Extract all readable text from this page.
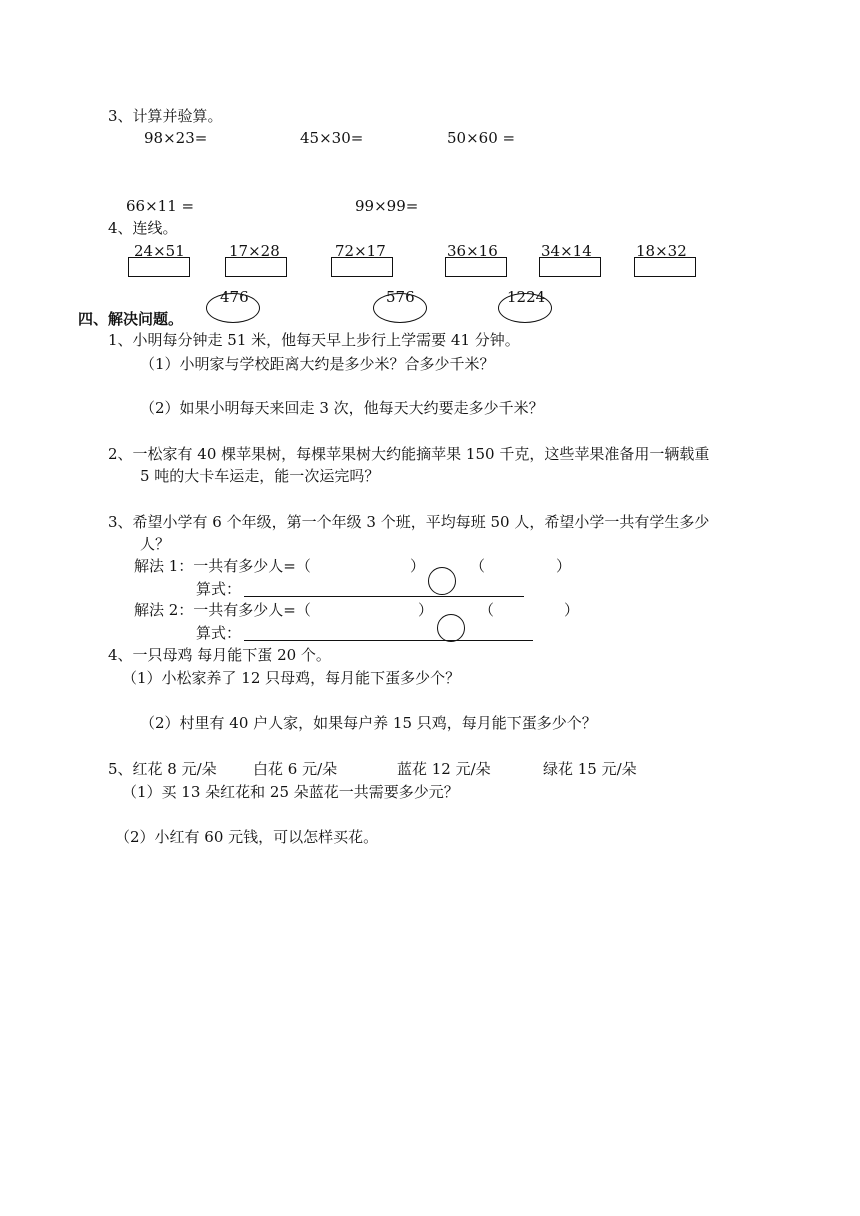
3、计算并验算。
98×23=	45×30=	50×60 =
66×11 =	99×99=
4、连线。
24×51	17×28	72×17	36×16	34×14	18×32
476	576	1224
四、解决问题。
1、小明每分钟走 51 米，他每天早上步行上学需要 41 分钟。
（1）小明家与学校距离大约是多少米？合多少千米？
（2）如果小明每天来回走 3 次，他每天大约要走多少千米？
2、一松家有 40 棵苹果树，每棵苹果树大约能摘苹果 150 千克，这些苹果准备用一辆载重
5 吨的大卡车运走，能一次运完吗？
3、希望小学有 6 个年级，第一个年级 3 个班，平均每班 50 人，希望小学一共有学生多少
人？
解法 1：一共有多少人=（	）	（	）
算式：
解法 2：一共有多少人=（	）	（	）
算式：
4、一只母鸡 每月能下蛋 20 个。
（1）小松家养了 12 只母鸡，每月能下蛋多少个？
（2）村里有 40 户人家，如果每户养 15 只鸡，每月能下蛋多少个？
5、红花 8 元/朵 白花 6 元/朵	蓝花 12 元/朵	绿花 15 元/朵
（1）买 13 朵红花和 25 朵蓝花一共需要多少元？
（2）小红有 60 元钱，可以怎样买花。
